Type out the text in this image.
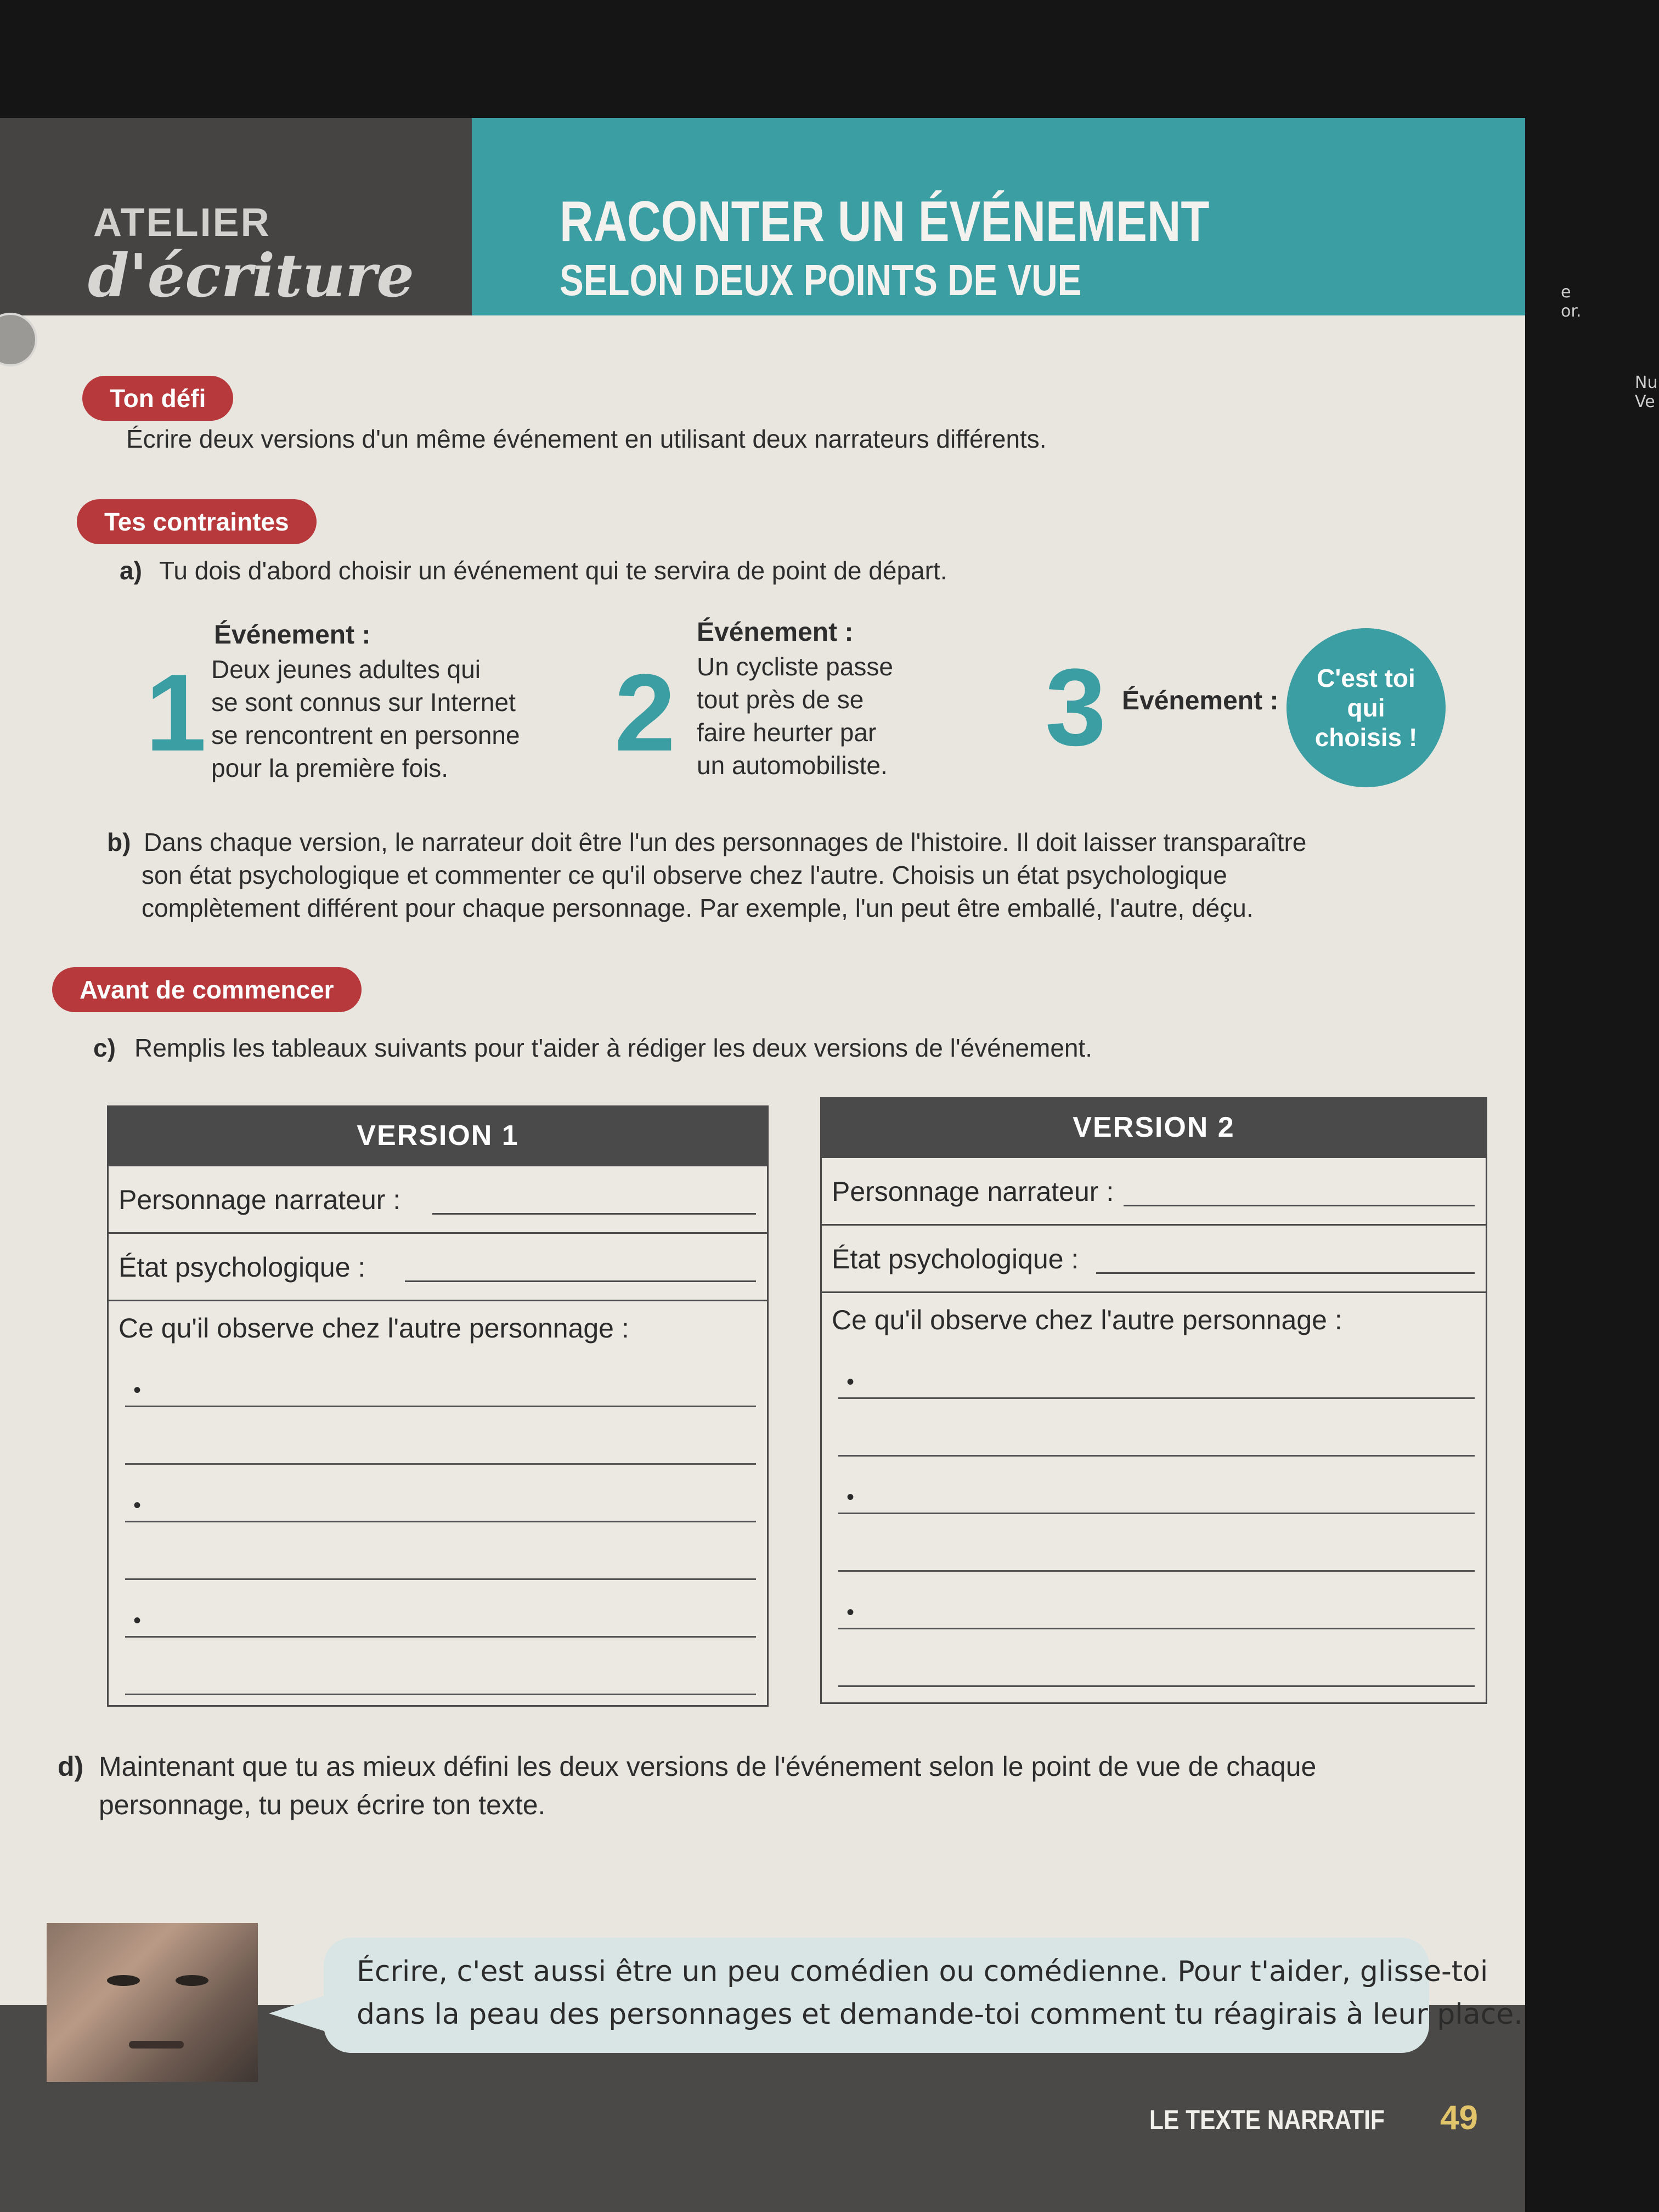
e
or.
Nu
Ve
ATELIER
d'écriture
RACONTER UN ÉVÉNEMENT
SELON DEUX POINTS DE VUE
Ton défi
Écrire deux versions d'un même événement en utilisant deux narrateurs différents.
Tes contraintes
a) Tu dois d'abord choisir un événement qui te servira de point de départ.
1
Événement :
Deux jeunes adultes qui
se sont connus sur Internet
se rencontrent en personne
pour la première fois. 2
Événement :
Un cycliste passe
tout près de se
faire heurter par
un automobiliste. 3 Événement :
C'est toi qui choisis !
b) Dans chaque version, le narrateur doit être l'un des personnages de l'histoire. Il doit laisser transparaître
son état psychologique et commenter ce qu'il observe chez l'autre. Choisis un état psychologique
complètement différent pour chaque personnage. Par exemple, l'un peut être emballé, l'autre, déçu.
Avant de commencer
c) Remplis les tableaux suivants pour t'aider à rédiger les deux versions de l'événement.
VERSION 1
Personnage narrateur :
État psychologique :
Ce qu'il observe chez l'autre personnage :
•
•
•
VERSION 2
Personnage narrateur :
État psychologique :
Ce qu'il observe chez l'autre personnage :
•
•
•
d) Maintenant que tu as mieux défini les deux versions de l'événement selon le point de vue de chaque
personnage, tu peux écrire ton texte.
Écrire, c'est aussi être un peu comédien ou comédienne. Pour t'aider, glisse-toi
dans la peau des personnages et demande-toi comment tu réagirais à leur place.
LE TEXTE NARRATIF 49
